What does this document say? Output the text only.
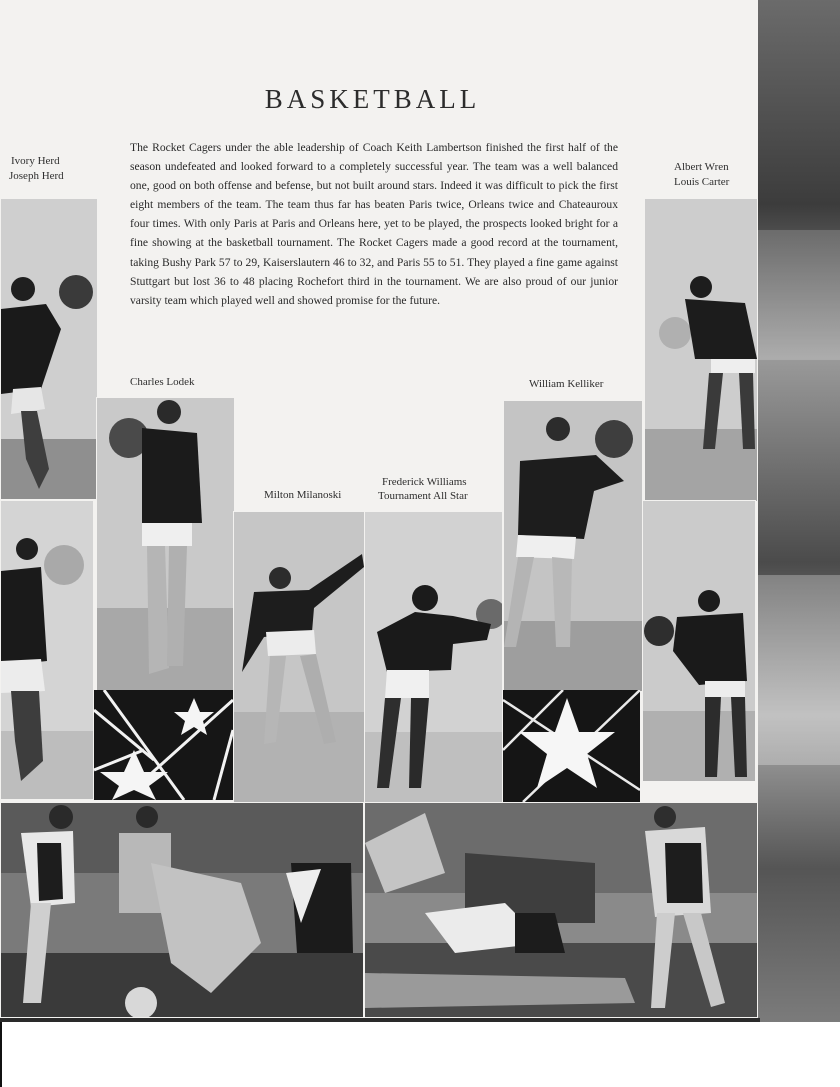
BASKETBALL
The Rocket Cagers under the able leadership of Coach Keith Lambertson finished the first half of the season undefeated and looked forward to a completely successful year. The team was a well balanced one, good on both offense and befense, but not built around stars. Indeed it was difficult to pick the first eight members of the team. The team thus far has beaten Paris twice, Orleans twice and Chateauroux four times. With only Paris at Paris and Orleans here, yet to be played, the prospects looked bright for a fine showing at the basketball tournament. The Rocket Cagers made a good record at the tournament, taking Bushy Park 57 to 29, Kaiserslautern 46 to 32, and Paris 55 to 51. They played a fine game against Stuttgart but lost 36 to 48 placing Rochefort third in the tournament. We are also proud of our junior varsity team which played well and showed promise for the future.
Ivory Herd
Joseph Herd
Albert Wren
Louis Carter
Charles Lodek	William Kelliker
Milton Milanoski
Frederick Williams
Tournament All Star
